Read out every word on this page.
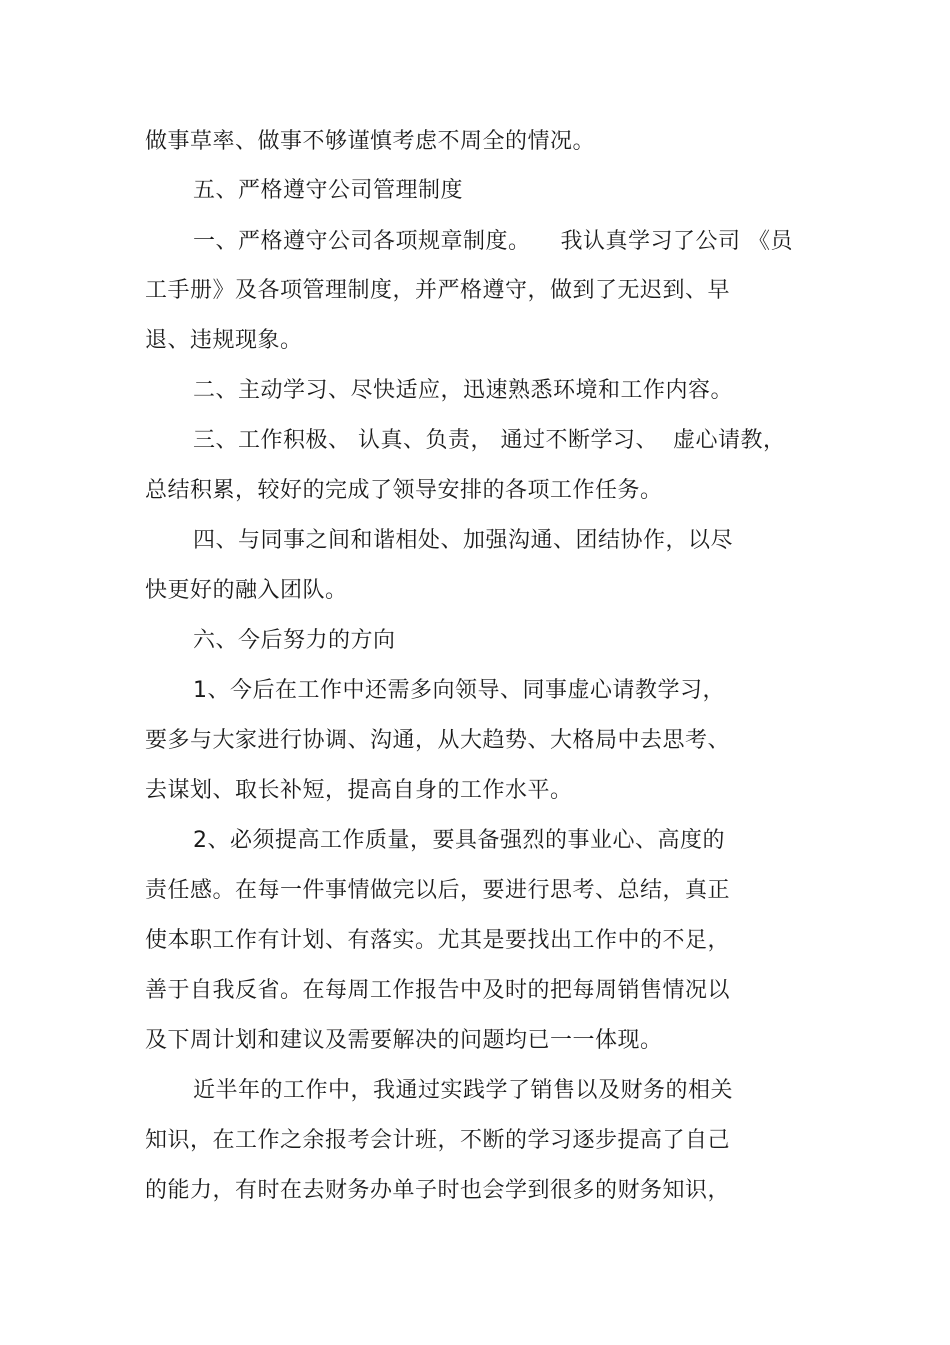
做事草率、做事不够谨慎考虑不周全的情况。
五、严格遵守公司管理制度
一、严格遵守公司各项规章制度。    我认真学习了公司 《员
工手册》及各项管理制度，并严格遵守，做到了无迟到、早
退、违规现象。
二、主动学习、尽快适应，迅速熟悉环境和工作内容。
三、工作积极、 认真、负责， 通过不断学习、  虚心请教，
总结积累，较好的完成了领导安排的各项工作任务。
四、与同事之间和谐相处、加强沟通、团结协作，以尽
快更好的融入团队。
六、今后努力的方向
1、今后在工作中还需多向领导、同事虚心请教学习，
要多与大家进行协调、沟通，从大趋势、大格局中去思考、
去谋划、取长补短，提高自身的工作水平。
2、必须提高工作质量，要具备强烈的事业心、高度的
责任感。在每一件事情做完以后，要进行思考、总结，真正
使本职工作有计划、有落实。尤其是要找出工作中的不足，
善于自我反省。在每周工作报告中及时的把每周销售情况以
及下周计划和建议及需要解决的问题均已一一体现。
近半年的工作中，我通过实践学了销售以及财务的相关
知识，在工作之余报考会计班，不断的学习逐步提高了自己
的能力，有时在去财务办单子时也会学到很多的财务知识，
